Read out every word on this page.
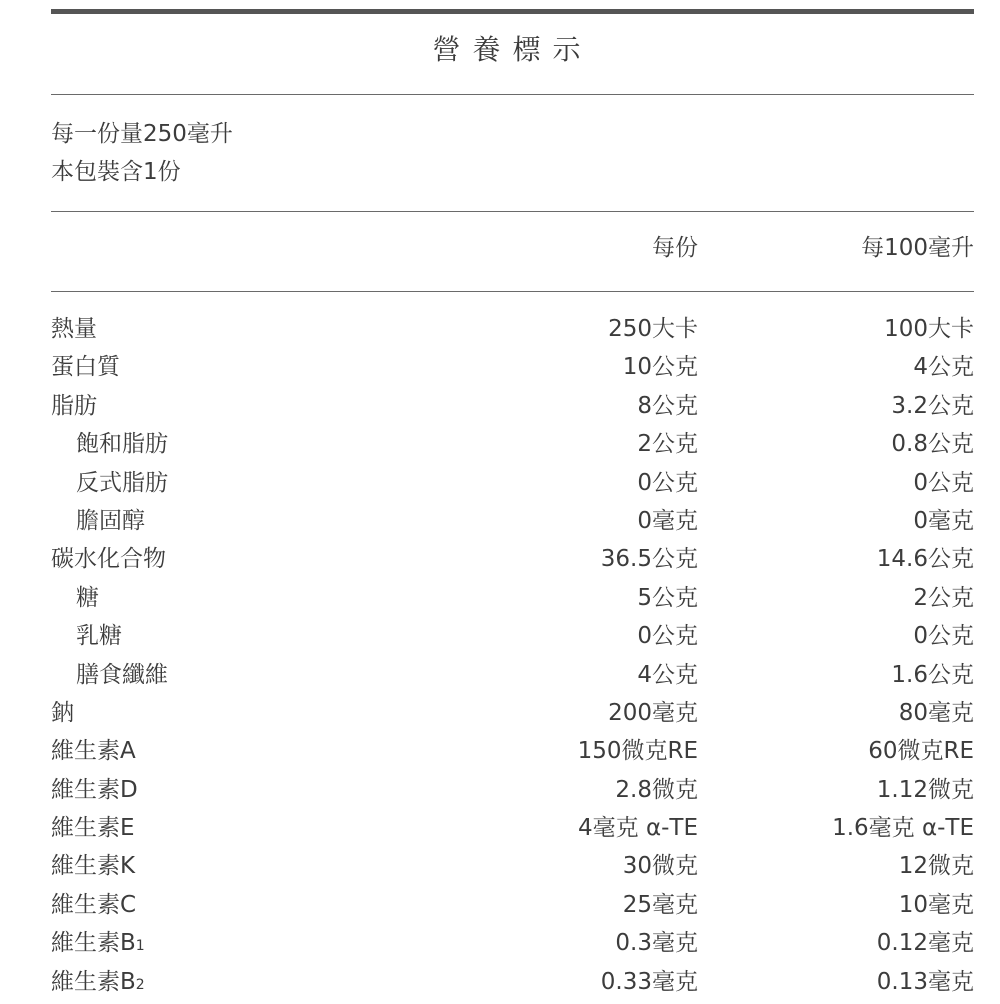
營養標示
每一份量250毫升
本包裝含1份
每份	每100毫升
熱量	250大卡	100大卡
蛋白質	10公克	4公克
脂肪	8公克	3.2公克
飽和脂肪	2公克	0.8公克
反式脂肪	0公克	0公克
膽固醇	0毫克	0毫克
碳水化合物	36.5公克	14.6公克
糖	5公克	2公克
乳糖	0公克	0公克
膳食纖維	4公克	1.6公克
鈉	200毫克	80毫克
維生素A	150微克RE	60微克RE
維生素D	2.8微克	1.12微克
維生素E	4毫克 α-TE	1.6毫克 α-TE
維生素K	30微克	12微克
維生素C	25毫克	10毫克
維生素B1	0.3毫克	0.12毫克
維生素B2	0.33毫克	0.13毫克
